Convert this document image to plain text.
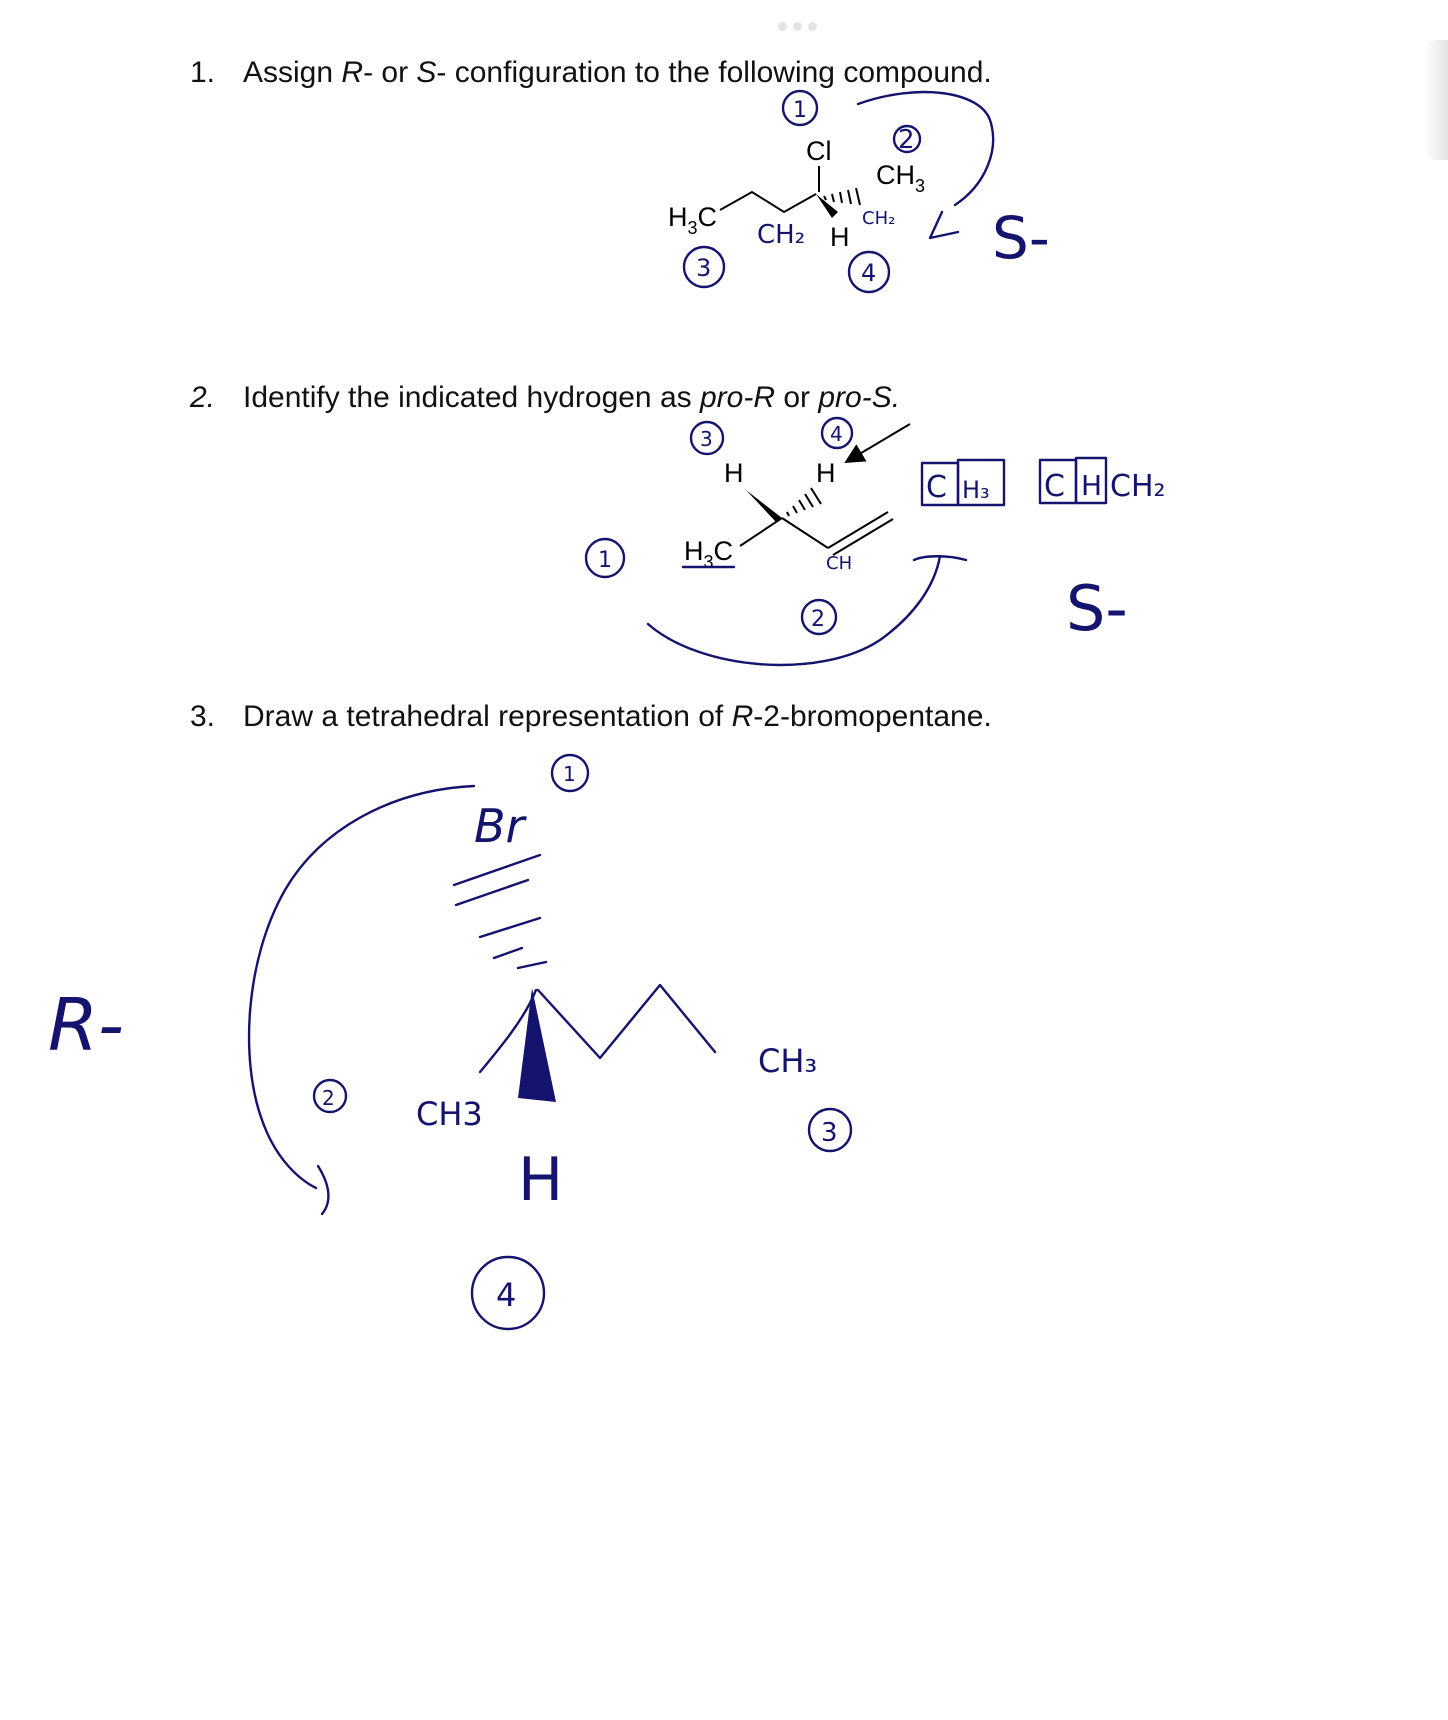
1. Assign R- or S- configuration to the following compound.
2. Identify the indicated hydrogen as pro-R or pro-S.
3. Draw a tetrahedral representation of R-2-bromopentane.
Cl
$CH_3$
$H_3C$
H
1
2
3	4
CH₂
CH₂ S-
H	H
$H_3C$
3	4
1
2
CH
C H₃ C H CH₂
S-
1
Br
H
4
CH3
2
CH₃
3
R-
